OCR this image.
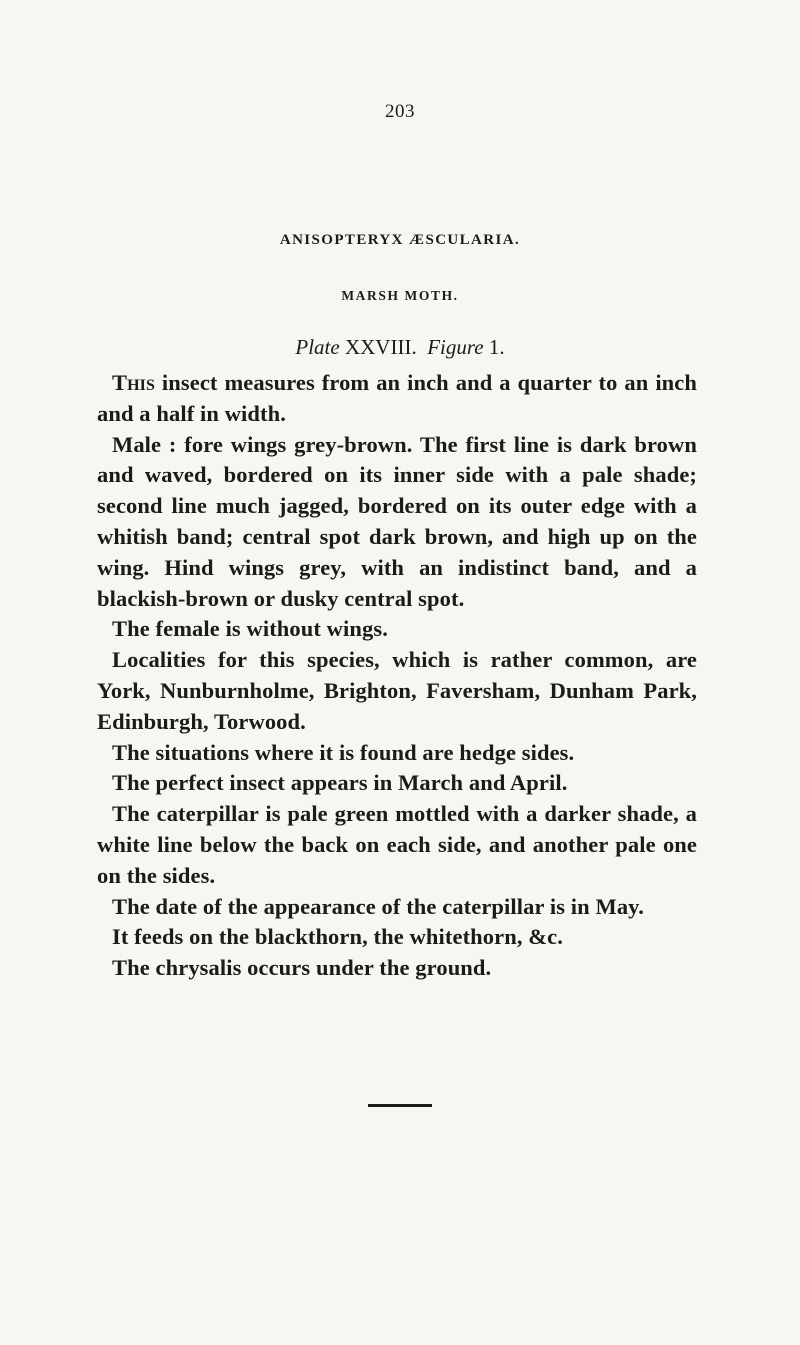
203
ANISOPTERYX ÆSCULARIA.
MARSH MOTH.
Plate XXVIII. Figure 1.

This insect measures from an inch and a quarter to an inch and a half in width.

Male : fore wings grey-brown. The first line is dark brown and waved, bordered on its inner side with a pale shade; second line much jagged, bordered on its outer edge with a whitish band; central spot dark brown, and high up on the wing. Hind wings grey, with an indistinct band, and a blackish-brown or dusky central spot.

The female is without wings.

Localities for this species, which is rather common, are York, Nunburnholme, Brighton, Faversham, Dunham Park, Edinburgh, Torwood.

The situations where it is found are hedge sides.

The perfect insect appears in March and April.

The caterpillar is pale green mottled with a darker shade, a white line below the back on each side, and another pale one on the sides.

The date of the appearance of the caterpillar is in May.

It feeds on the blackthorn, the whitethorn, &c.

The chrysalis occurs under the ground.
